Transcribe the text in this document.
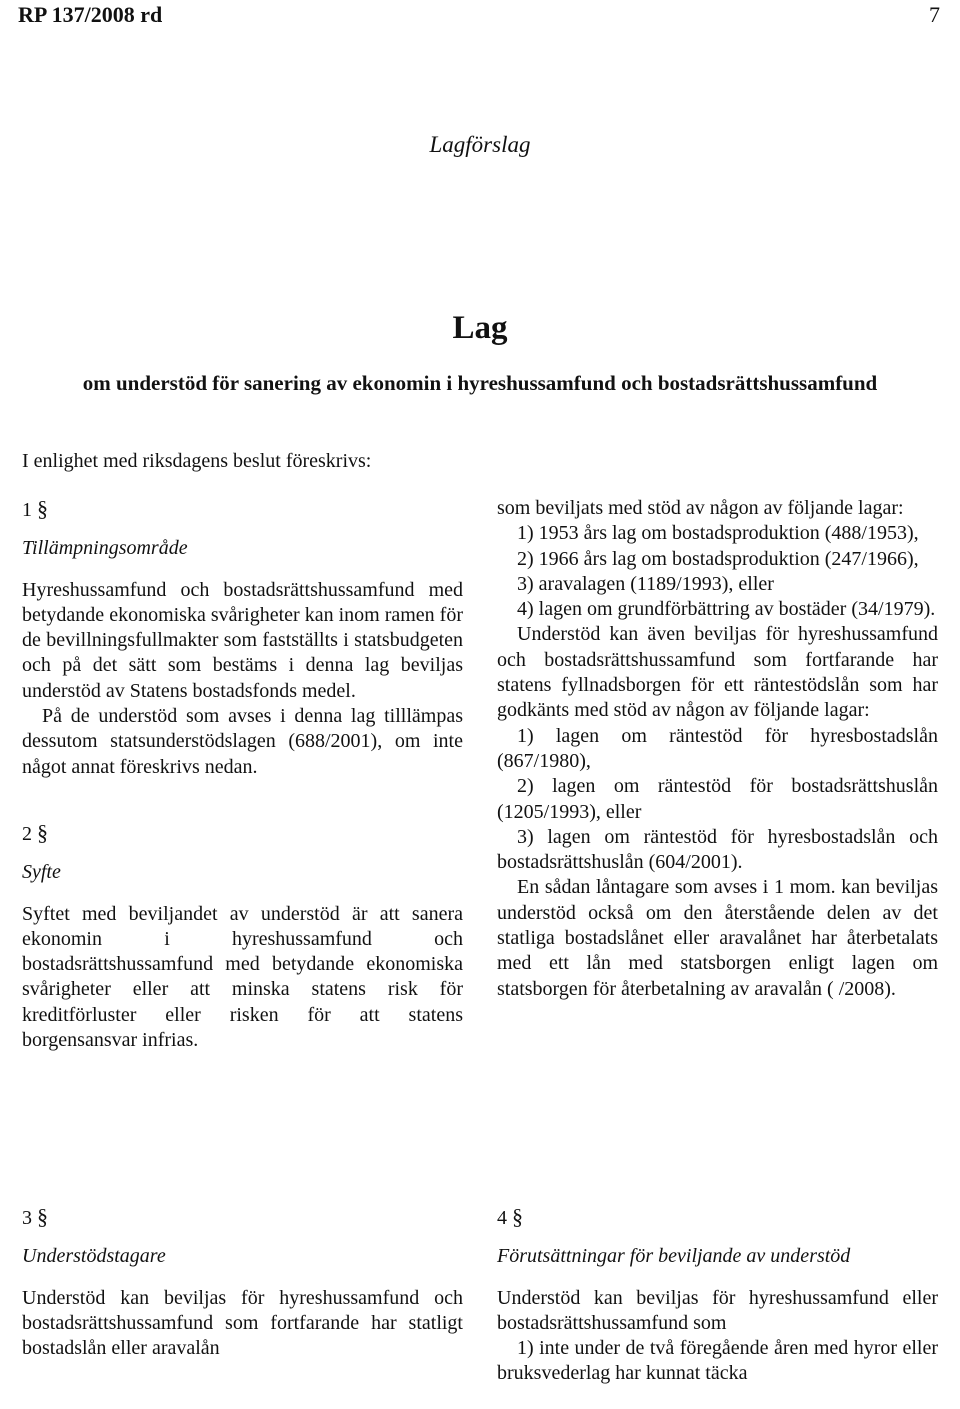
RP 137/2008 rd	7
Lagförslag
Lag
om understöd för sanering av ekonomin i hyreshussamfund och bostadsrättshussamfund
I enlighet med riksdagens beslut föreskrivs:

1 §

Tillämpningsområde

Hyreshussamfund och bostadsrättshussamfund med betydande ekonomiska svårigheter kan inom ramen för de bevillningsfullmakter som fastställts i statsbudgeten och på det sätt som bestäms i denna lag beviljas understöd av Statens bostadsfonds medel.

På de understöd som avses i denna lag tilllämpas dessutom statsunderstödslagen (688/2001), om inte något annat föreskrivs nedan.

2 §

Syfte

Syftet med beviljandet av understöd är att sanera ekonomin i hyreshussamfund och bostadsrättshussamfund med betydande ekonomiska svårigheter eller att minska statens risk för kreditförluster eller risken för att statens borgensansvar infrias.

som beviljats med stöd av någon av följande lagar:

1) 1953 års lag om bostadsproduktion (488/1953),

2) 1966 års lag om bostadsproduktion (247/1966),

3) aravalagen (1189/1993), eller

4) lagen om grundförbättring av bostäder (34/1979).

Understöd kan även beviljas för hyreshussamfund och bostadsrättshussamfund som fortfarande har statens fyllnadsborgen för ett räntestödslån som har godkänts med stöd av någon av följande lagar:

1) lagen om räntestöd för hyresbostadslån (867/1980),

2) lagen om räntestöd för bostadsrättshuslån (1205/1993), eller

3) lagen om räntestöd för hyresbostadslån och bostadsrättshuslån (604/2001).

En sådan låntagare som avses i 1 mom. kan beviljas understöd också om den återstående delen av det statliga bostadslånet eller aravalånet har återbetalats med ett lån med statsborgen enligt lagen om statsborgen för återbetalning av aravalån ( /2008).

3 §

Understödstagare

Understöd kan beviljas för hyreshussamfund och bostadsrättshussamfund som fortfarande har statligt bostadslån eller aravalån

4 §

Förutsättningar för beviljande av understöd

Understöd kan beviljas för hyreshussamfund eller bostadsrättshussamfund som

1) inte under de två föregående åren med hyror eller bruksvederlag har kunnat täcka
